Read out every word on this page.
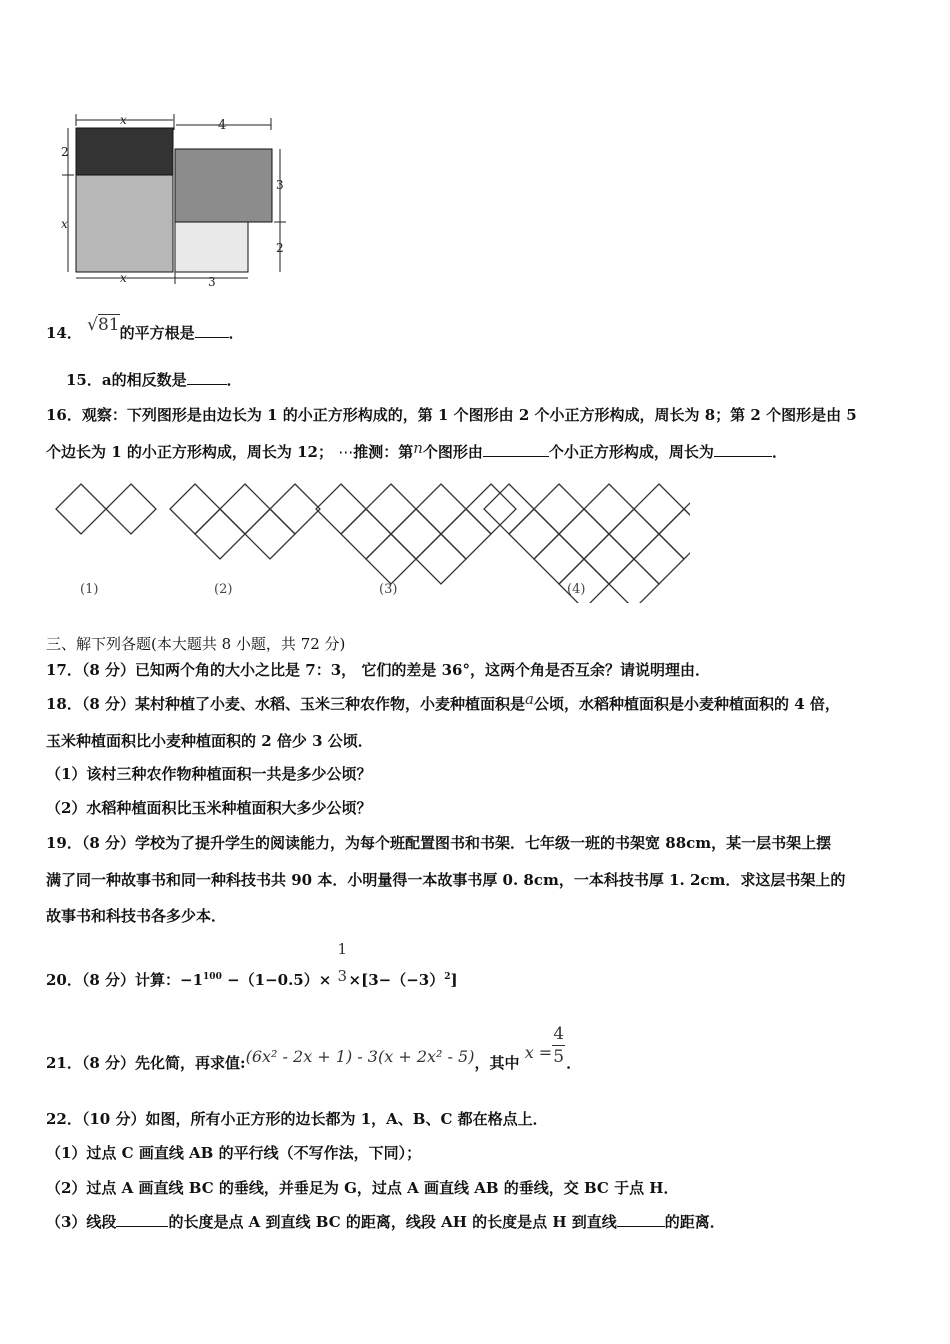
x	4
2
x
3
2
x	3
14． √81的平方根是 ．
15．a的相反数是	．
16．观察：下列图形是由边长为 1 的小正方形构成的，第 1 个图形由 2 个小正方形构成，周长为 8；第 2 个图形是由 5
个边长为 1 的小正方形构成，周长为 12； ⋯推测：第n个图形由	个小正方形构成，周长为	．
(1)	(2)	(3)	(4)
三、解下列各题(本大题共 8 小题，共 72 分)
17．（8 分）已知两个角的大小之比是 7：3， 它们的差是 36°，这两个角是否互余？请说明理由．
18．（8 分）某村种植了小麦、水稻、玉米三种农作物，小麦种植面积是a公顷，水稻种植面积是小麦种植面积的 4 倍，
玉米种植面积比小麦种植面积的 2 倍少 3 公顷．
（1）该村三种农作物种植面积一共是多少公顷？
（2）水稻种植面积比玉米种植面积大多少公顷？
19．（8 分）学校为了提升学生的阅读能力，为每个班配置图书和书架．七年级一班的书架宽 88cm，某一层书架上摆
满了同一种故事书和同一种科技书共 90 本．小明量得一本故事书厚 0. 8cm，一本科技书厚 1. 2cm．求这层书架上的
故事书和科技书各多少本．
20．（8 分）计算：$-1^{100} -(1-0.5)\times$
1
$3 \times[3-(-3)^2]$
21．（8 分）先化简，再求值:(6x² - 2x + 1) - 3(x + 2x² - 5)，其中 $x = \frac{4}{5}$ ．
22．（10 分）如图，所有小正方形的边长都为 1，A、B、C 都在格点上．
（1）过点 C 画直线 AB 的平行线（不写作法，下同）；
（2）过点 A 画直线 BC 的垂线，并垂足为 G，过点 A 画直线 AB 的垂线，交 BC 于点 H．
（3）线段	的长度是点 A 到直线 BC 的距离，线段 AH 的长度是点 H 到直线	的距离．
